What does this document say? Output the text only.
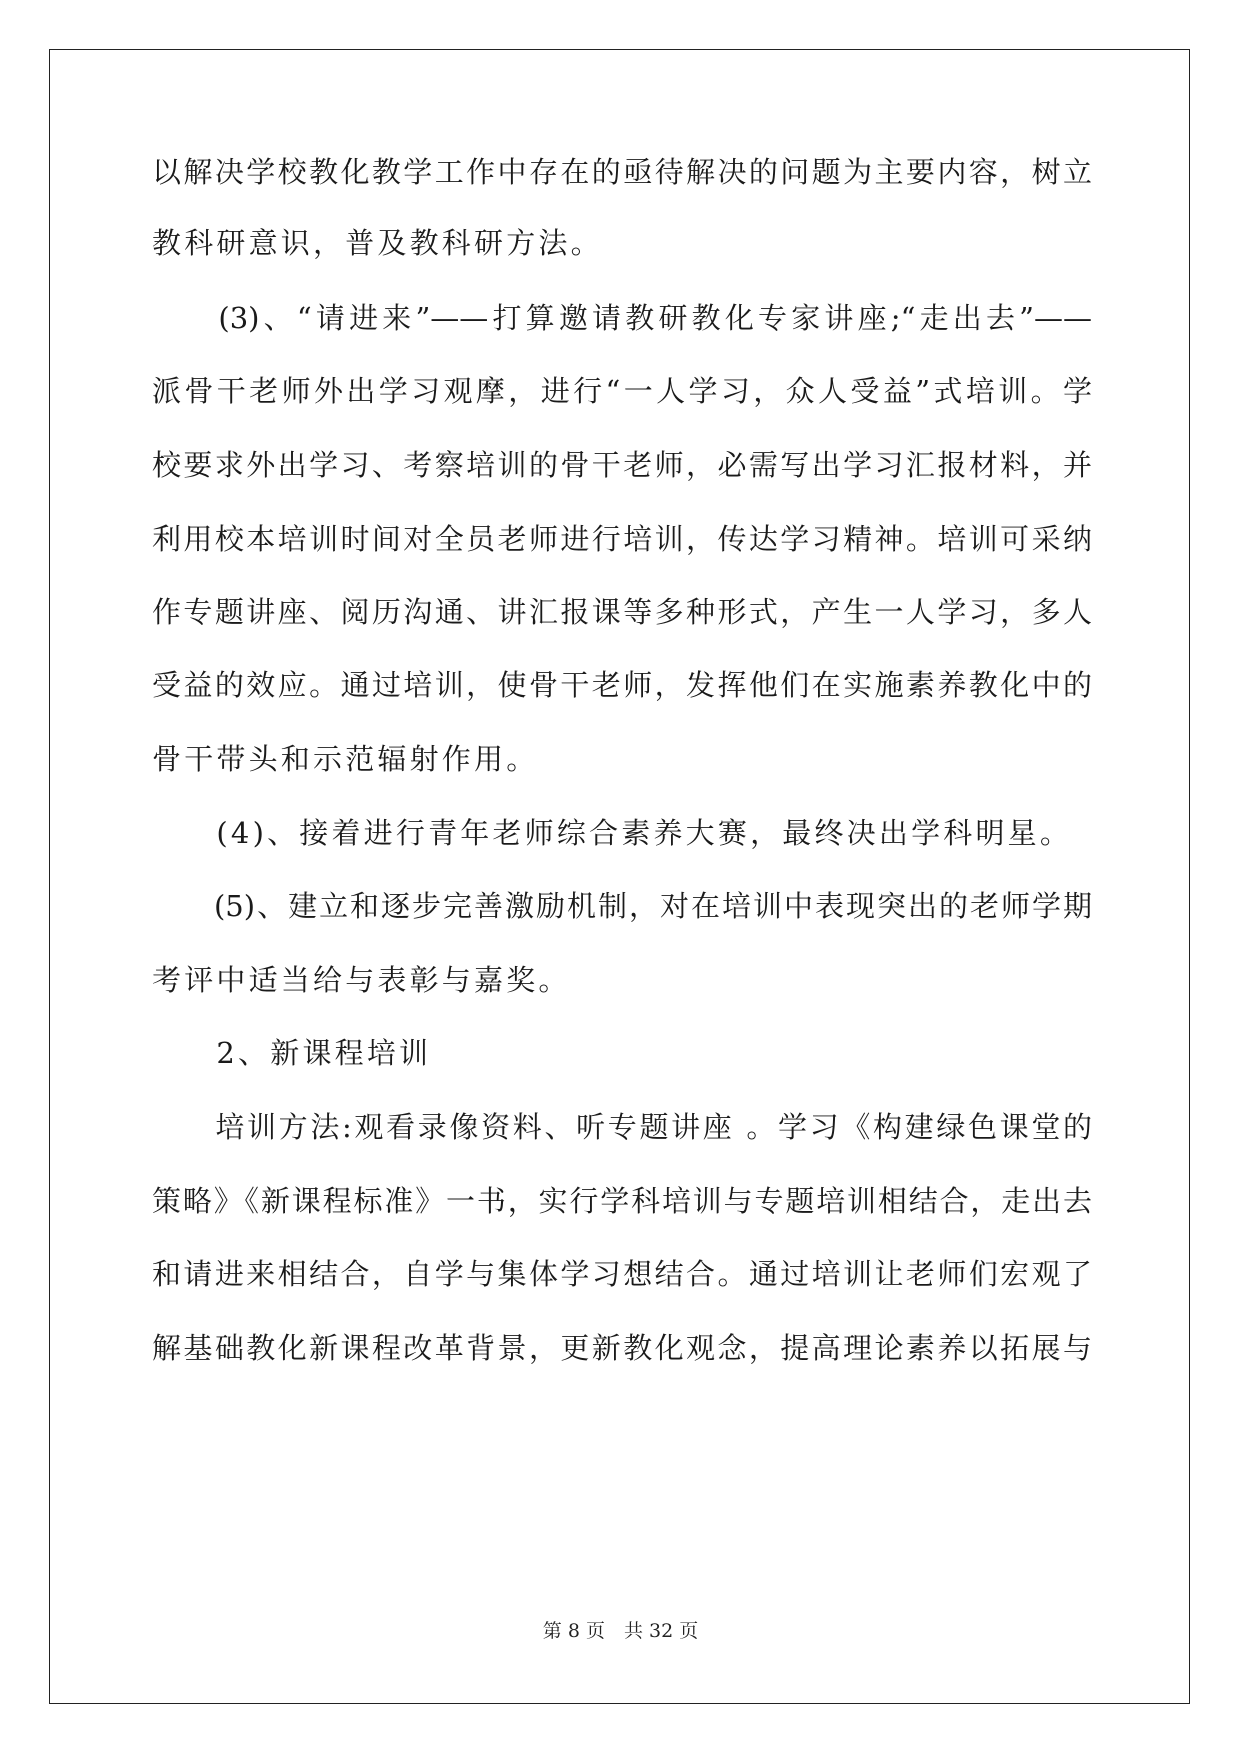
以解决学校教化教学工作中存在的亟待解决的问题为主要内容，树立
教科研意识，普及教科研方法。
　　(3)、“请进来”——打算邀请教研教化专家讲座;“走出去”——
派骨干老师外出学习观摩，进行“一人学习，众人受益”式培训。学
校要求外出学习、考察培训的骨干老师，必需写出学习汇报材料，并
利用校本培训时间对全员老师进行培训，传达学习精神。培训可采纳
作专题讲座、阅历沟通、讲汇报课等多种形式，产生一人学习，多人
受益的效应。通过培训，使骨干老师，发挥他们在实施素养教化中的
骨干带头和示范辐射作用。
　　(4)、接着进行青年老师综合素养大赛，最终决出学科明星。
　　(5)、建立和逐步完善激励机制，对在培训中表现突出的老师学期
考评中适当给与表彰与嘉奖。
　　2、新课程培训
　　培训方法:观看录像资料、听专题讲座 。学习《构建绿色课堂的
策略》《新课程标准》一书，实行学科培训与专题培训相结合，走出去
和请进来相结合，自学与集体学习想结合。通过培训让老师们宏观了
解基础教化新课程改革背景，更新教化观念，提高理论素养以拓展与
第 8 页　共 32 页
